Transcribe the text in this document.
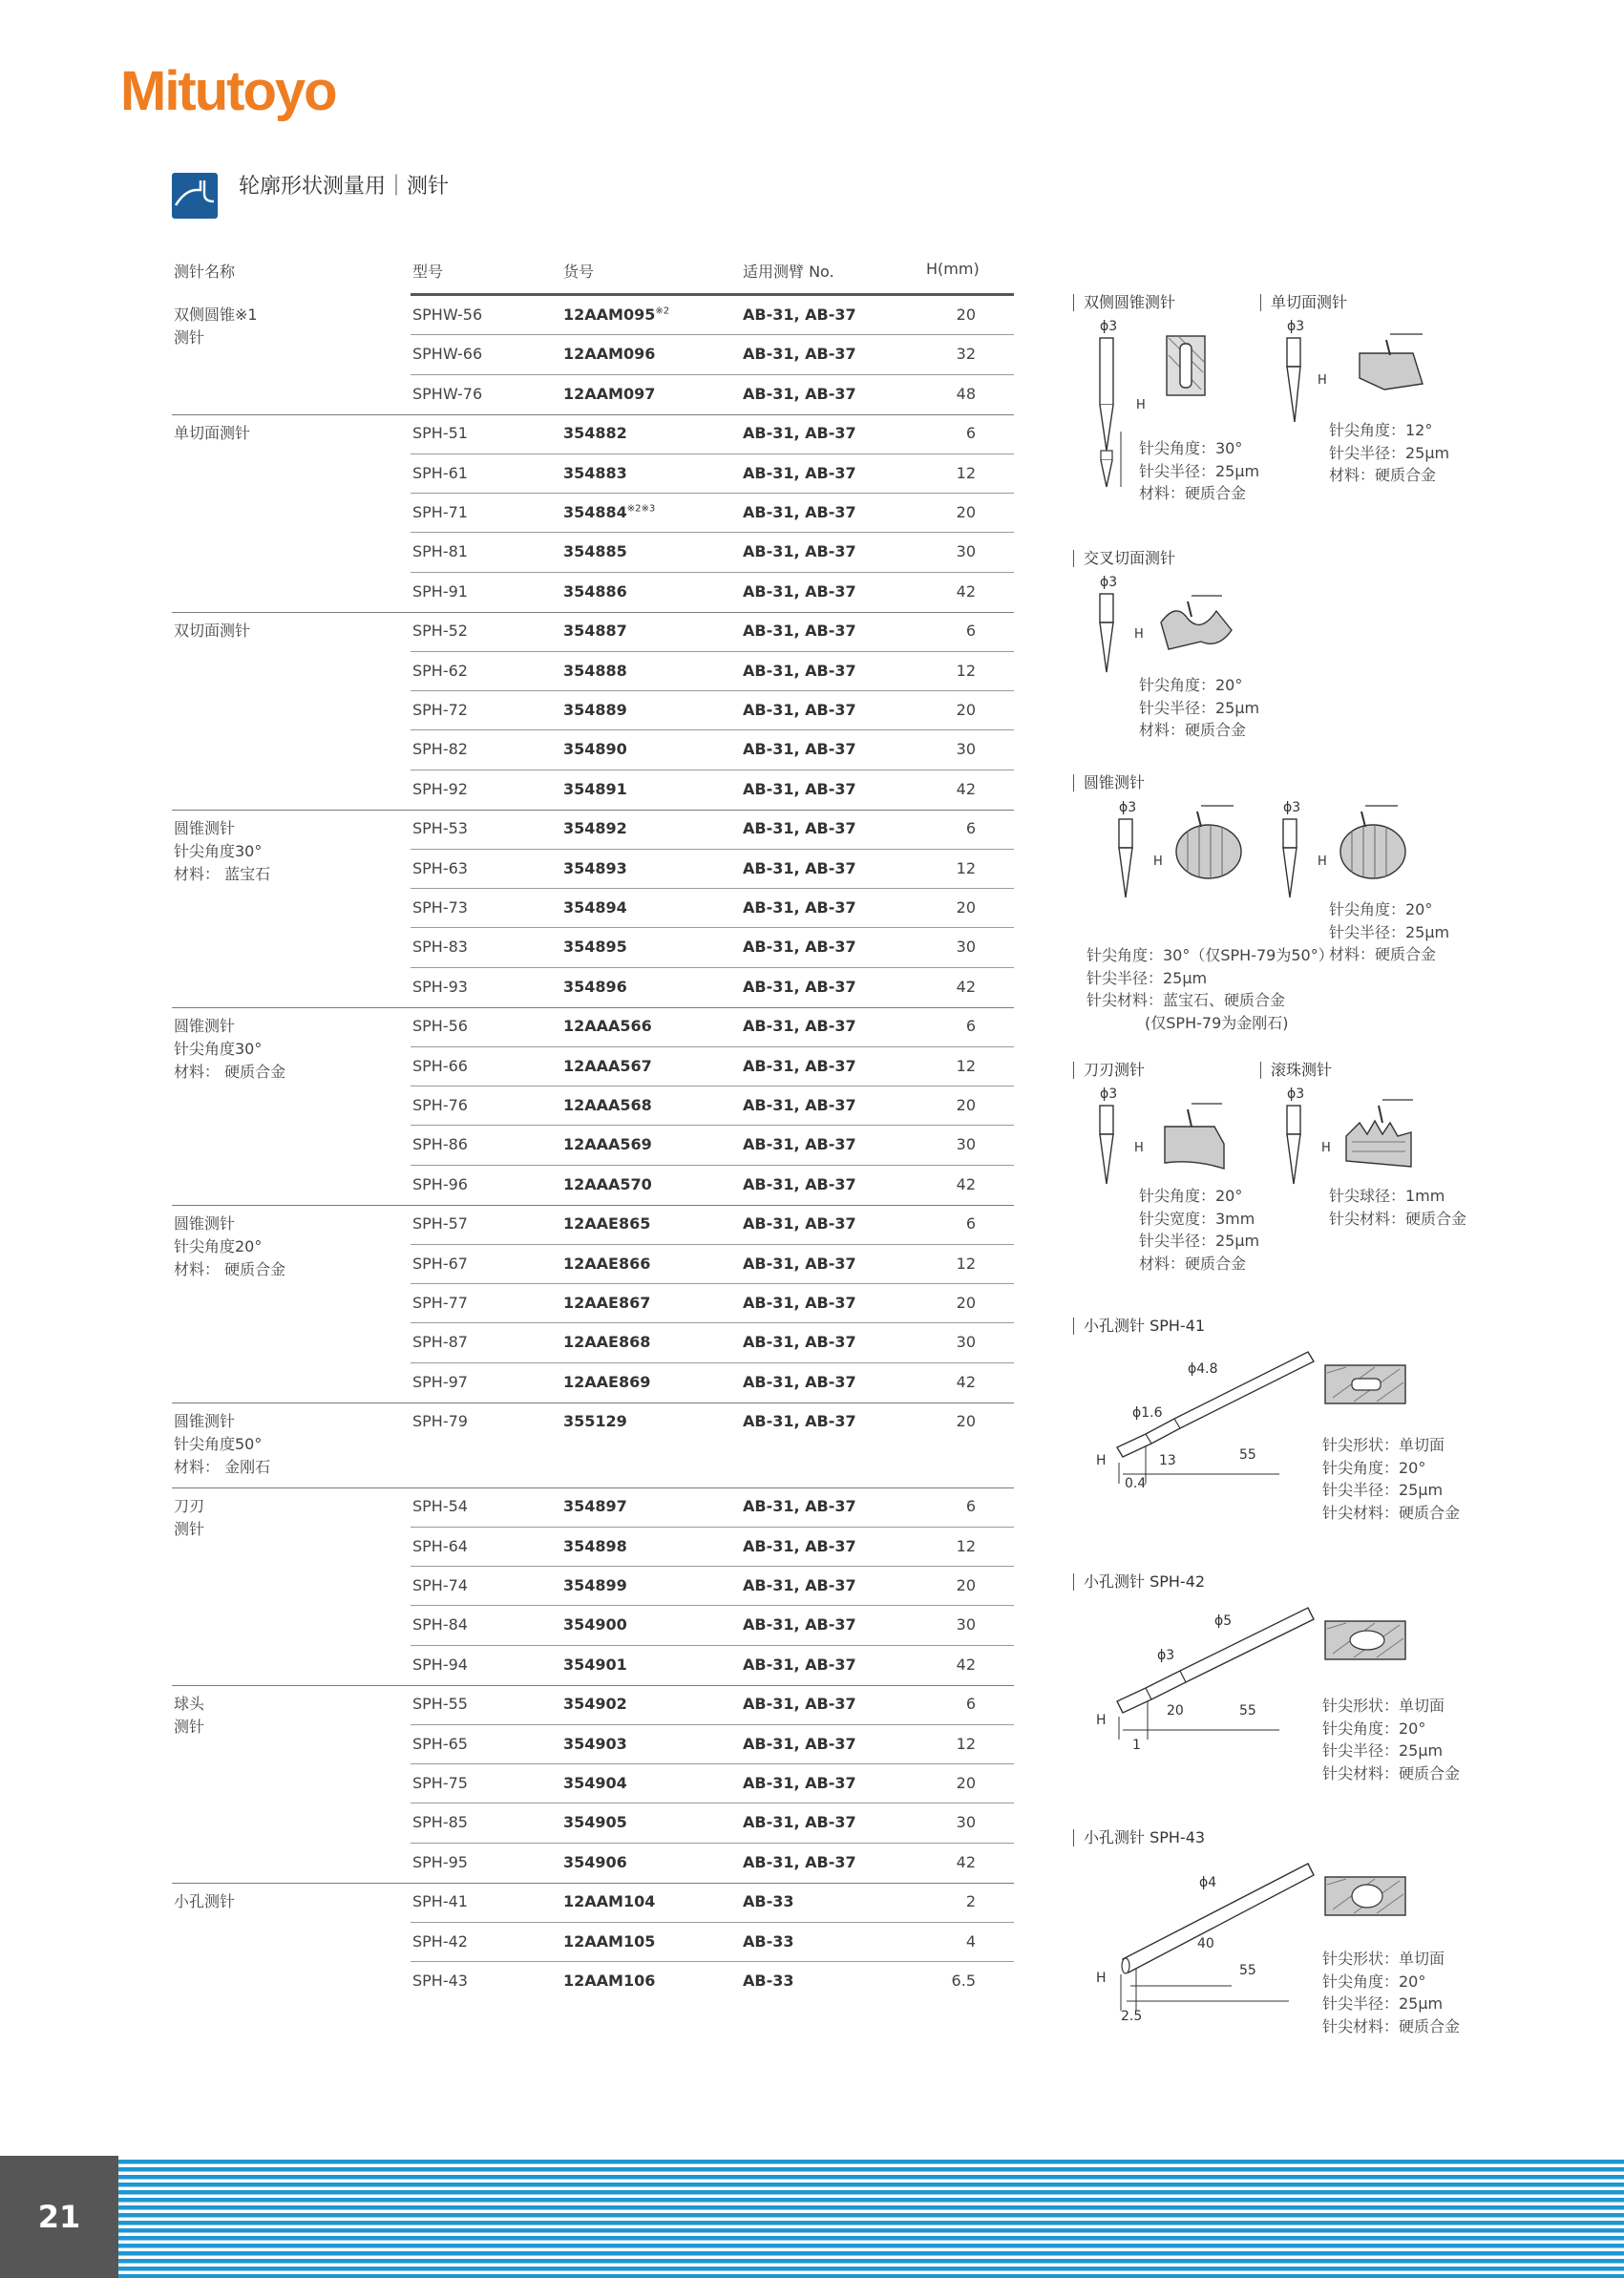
Mitutoyo
轮廓形状测量用｜测针
测针名称	型号	货号	适用测臂 No.	H(mm)
双侧圆锥※1
测针
SPHW-56	12AAM095$^{※2}$	AB-31, AB-37	20
SPHW-66	12AAM096	AB-31, AB-37	32
SPHW-76	12AAM097	AB-31, AB-37	48
单切面测针	SPH-51	354882	AB-31, AB-37	6
SPH-61	354883	AB-31, AB-37	12
SPH-71	$354884^{※2※3}$	AB-31, AB-37	20
SPH-81	354885	AB-31, AB-37	30
SPH-91	354886	AB-31, AB-37	42
双切面测针	SPH-52	354887	AB-31, AB-37	6
SPH-62	354888	AB-31, AB-37	12
SPH-72	354889	AB-31, AB-37	20
SPH-82	354890	AB-31, AB-37	30
SPH-92	354891	AB-31, AB-37	42
圆锥测针
针尖角度30°
材料： 蓝宝石
SPH-53	354892	AB-31, AB-37	6
SPH-63	354893	AB-31, AB-37	12
SPH-73	354894	AB-31, AB-37	20
SPH-83	354895	AB-31, AB-37	30
SPH-93	354896	AB-31, AB-37	42
圆锥测针
针尖角度30°
材料： 硬质合金
SPH-56	12AAA566	AB-31, AB-37	6
SPH-66	12AAA567	AB-31, AB-37	12
SPH-76	12AAA568	AB-31, AB-37	20
SPH-86	12AAA569	AB-31, AB-37	30
SPH-96	12AAA570	AB-31, AB-37	42
圆锥测针
针尖角度20°
材料： 硬质合金
SPH-57	12AAE865	AB-31, AB-37	6
SPH-67	12AAE866	AB-31, AB-37	12
SPH-77	12AAE867	AB-31, AB-37	20
SPH-87	12AAE868	AB-31, AB-37	30
SPH-97	12AAE869	AB-31, AB-37	42
圆锥测针
针尖角度50°
材料： 金刚石
SPH-79	355129	AB-31, AB-37	20
刀刃
测针
SPH-54	354897	AB-31, AB-37	6
SPH-64	354898	AB-31, AB-37	12
SPH-74	354899	AB-31, AB-37	20
SPH-84	354900	AB-31, AB-37	30
SPH-94	354901	AB-31, AB-37	42
球头
测针
SPH-55	354902	AB-31, AB-37	6
SPH-65	354903	AB-31, AB-37	12
SPH-75	354904	AB-31, AB-37	20
SPH-85	354905	AB-31, AB-37	30
SPH-95	354906	AB-31, AB-37	42
小孔测针	SPH-41	12AAM104	AB-33	2
SPH-42	12AAM105	AB-33	4
SPH-43	12AAM106	AB-33	6.5
双侧圆锥测针	单切面测针
ϕ3
H
ϕ3
H
针尖角度：30°
针尖半径：25μm
材料：硬质合金
针尖角度：12°
针尖半径：25μm
材料：硬质合金
交叉切面测针
ϕ3
H
针尖角度：20°
针尖半径：25μm
材料：硬质合金
圆锥测针
ϕ3
H
ϕ3
H
针尖角度：20°
针尖半径：25μm
材料：硬质合金
针尖角度：30°（仅SPH-79为50°）
针尖半径：25μm
针尖材料：蓝宝石、硬质合金
(仅SPH-79为金刚石)
刀刃测针	滚珠测针
ϕ3
H
ϕ3
H
针尖角度：20°
针尖宽度：3mm
针尖半径：25μm
材料：硬质合金
针尖球径：1mm
针尖材料：硬质合金
小孔测针 SPH-41
ϕ4.8
ϕ1.6
13	55
0.4
H
针尖形状：单切面
针尖角度：20°
针尖半径：25μm
针尖材料：硬质合金
小孔测针 SPH-42
ϕ5
ϕ3
20	55
1
H
针尖形状：单切面
针尖角度：20°
针尖半径：25μm
针尖材料：硬质合金
小孔测针 SPH-43
ϕ4
40
55
2.5
H
针尖形状：单切面
针尖角度：20°
针尖半径：25μm
针尖材料：硬质合金
21
